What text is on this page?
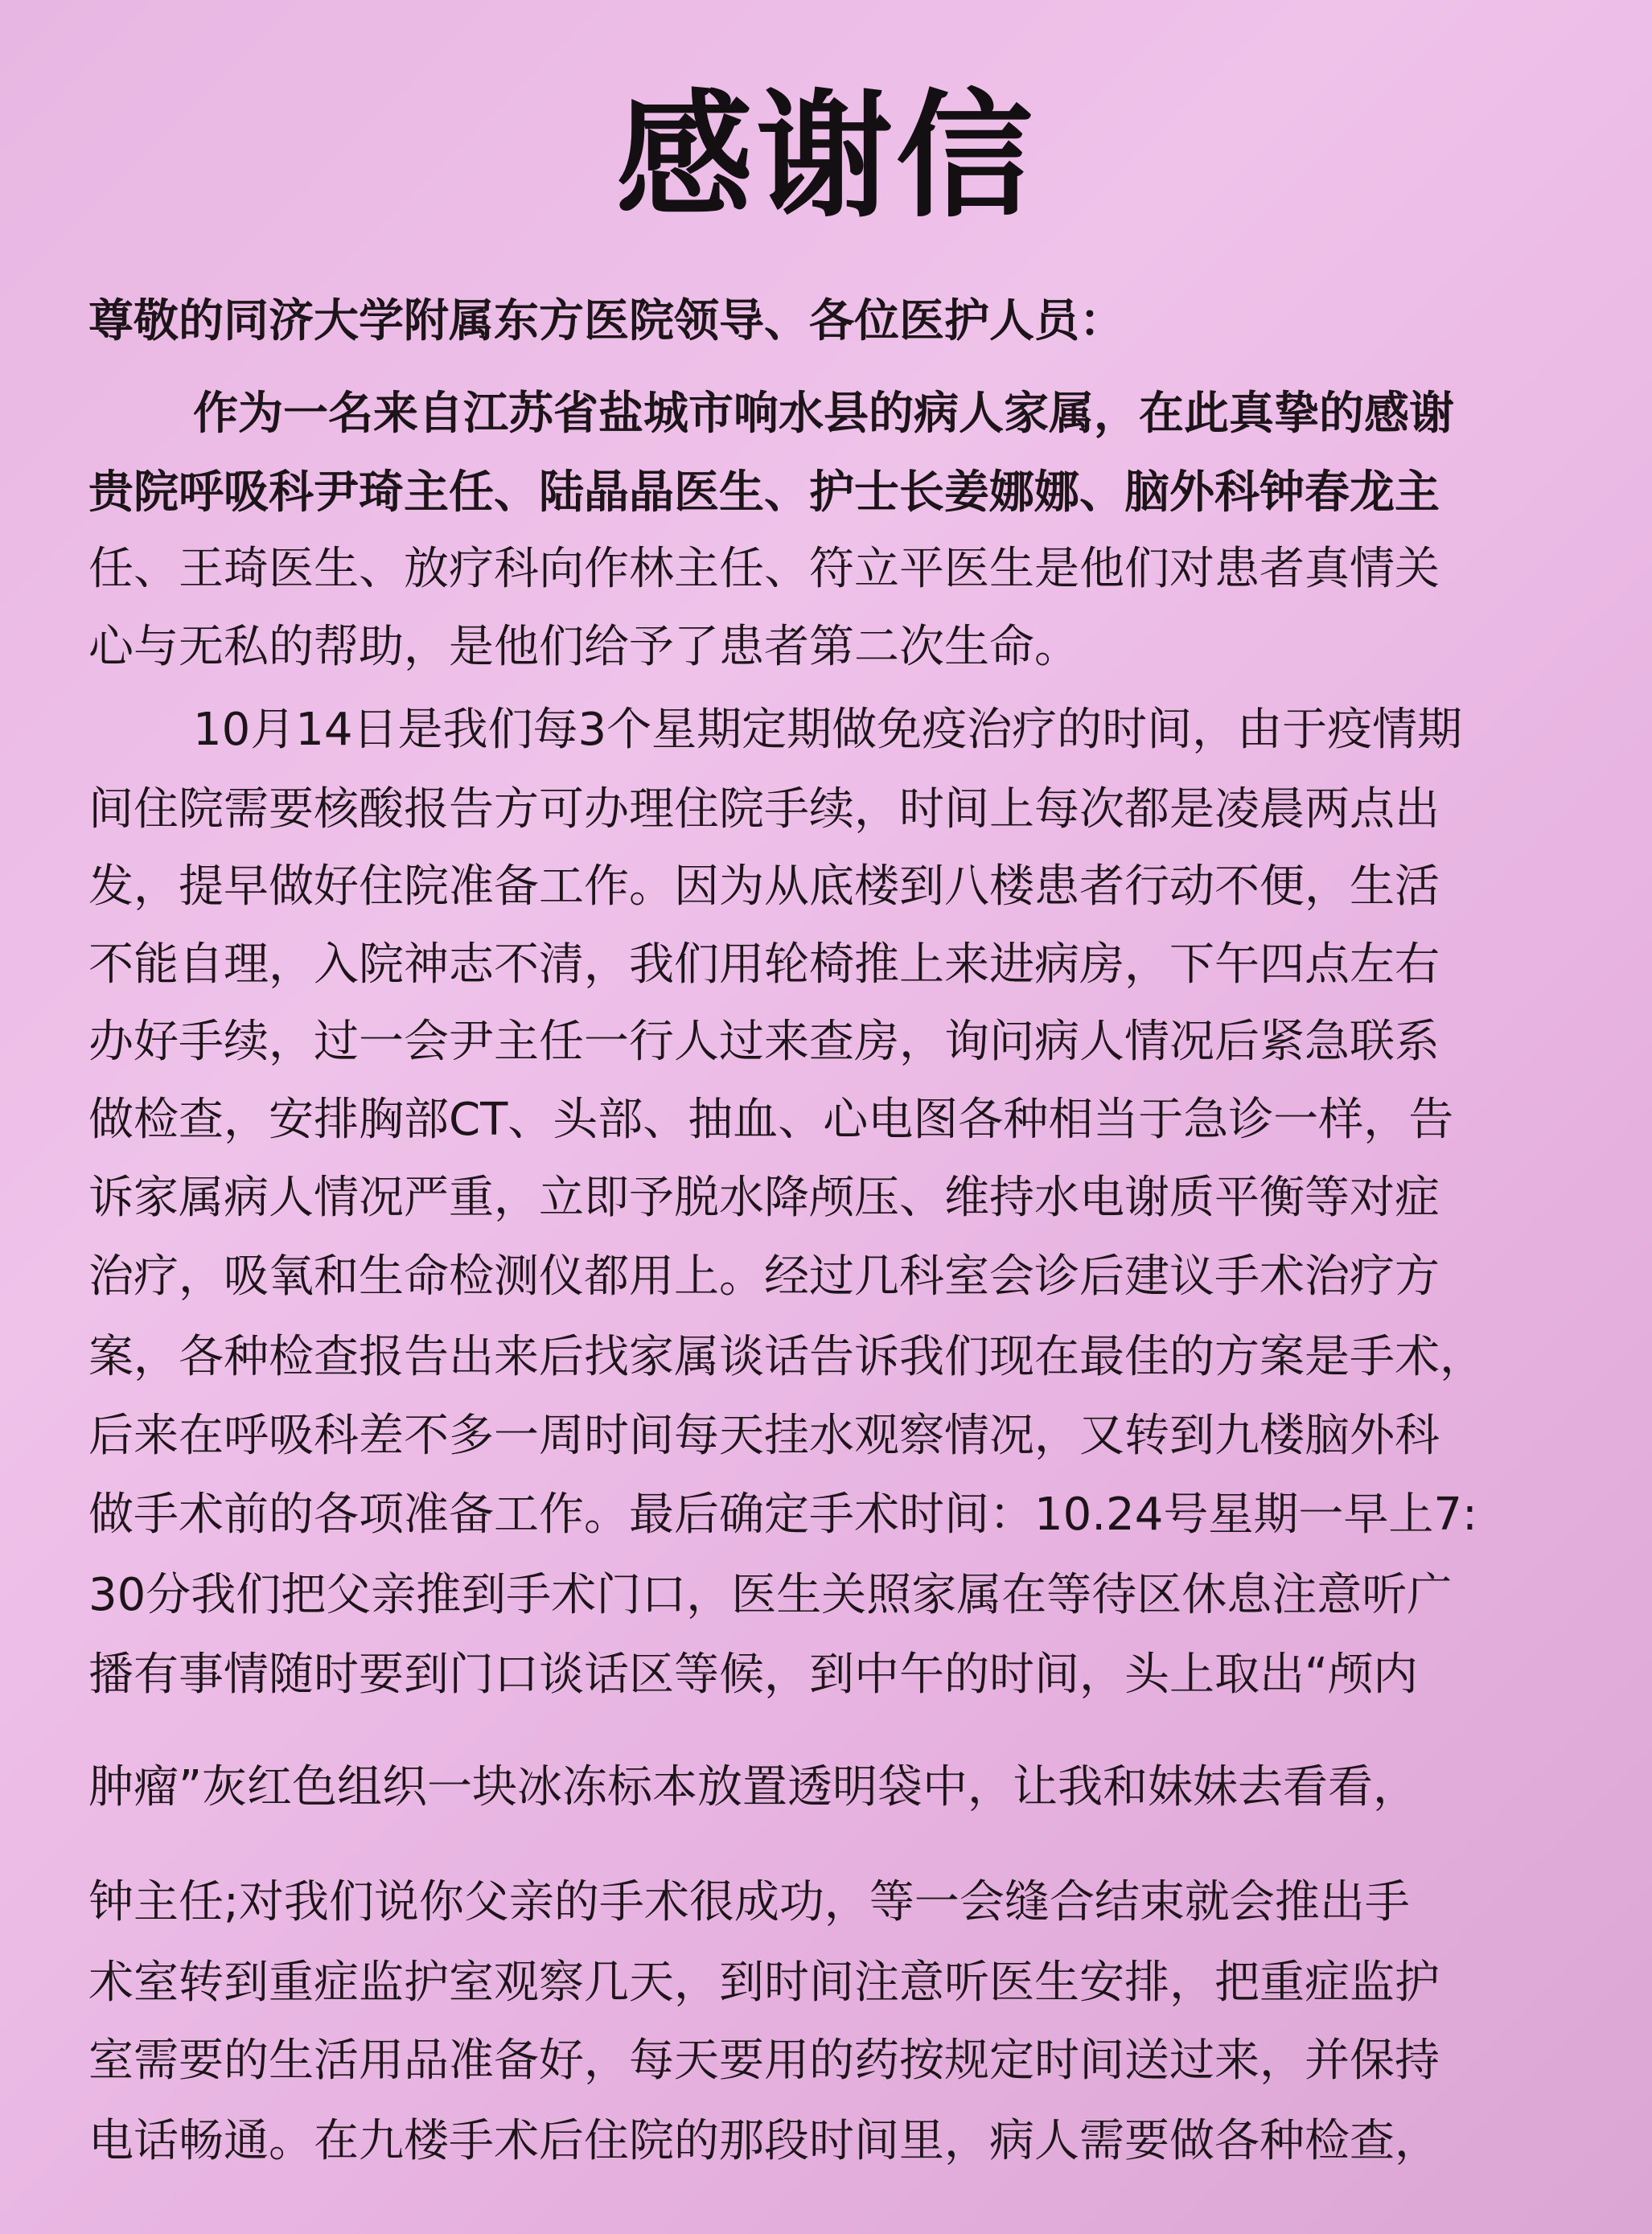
感谢信
尊敬的同济大学附属东方医院领导、各位医护人员：
作为一名来自江苏省盐城市响水县的病人家属，在此真挚的感谢
贵院呼吸科尹琦主任、陆晶晶医生、护士长姜娜娜、脑外科钟春龙主
任、王琦医生、放疗科向作林主任、符立平医生是他们对患者真情关
心与无私的帮助，是他们给予了患者第二次生命。
10月14日是我们每3个星期定期做免疫治疗的时间，由于疫情期
间住院需要核酸报告方可办理住院手续，时间上每次都是凌晨两点出
发，提早做好住院准备工作。因为从底楼到八楼患者行动不便，生活
不能自理，入院神志不清，我们用轮椅推上来进病房，下午四点左右
办好手续，过一会尹主任一行人过来查房，询问病人情况后紧急联系
做检查，安排胸部CT、头部、抽血、心电图各种相当于急诊一样，告
诉家属病人情况严重，立即予脱水降颅压、维持水电谢质平衡等对症
治疗，吸氧和生命检测仪都用上。经过几科室会诊后建议手术治疗方
案，各种检查报告出来后找家属谈话告诉我们现在最佳的方案是手术，
后来在呼吸科差不多一周时间每天挂水观察情况，又转到九楼脑外科
做手术前的各项准备工作。最后确定手术时间：10.24号星期一早上7:
30分我们把父亲推到手术门口，医生关照家属在等待区休息注意听广
播有事情随时要到门口谈话区等候，到中午的时间，头上取出“颅内
肿瘤”灰红色组织一块冰冻标本放置透明袋中，让我和妹妹去看看，
钟主任;对我们说你父亲的手术很成功，等一会缝合结束就会推出手
术室转到重症监护室观察几天，到时间注意听医生安排，把重症监护
室需要的生活用品准备好，每天要用的药按规定时间送过来，并保持
电话畅通。在九楼手术后住院的那段时间里，病人需要做各种检查，
